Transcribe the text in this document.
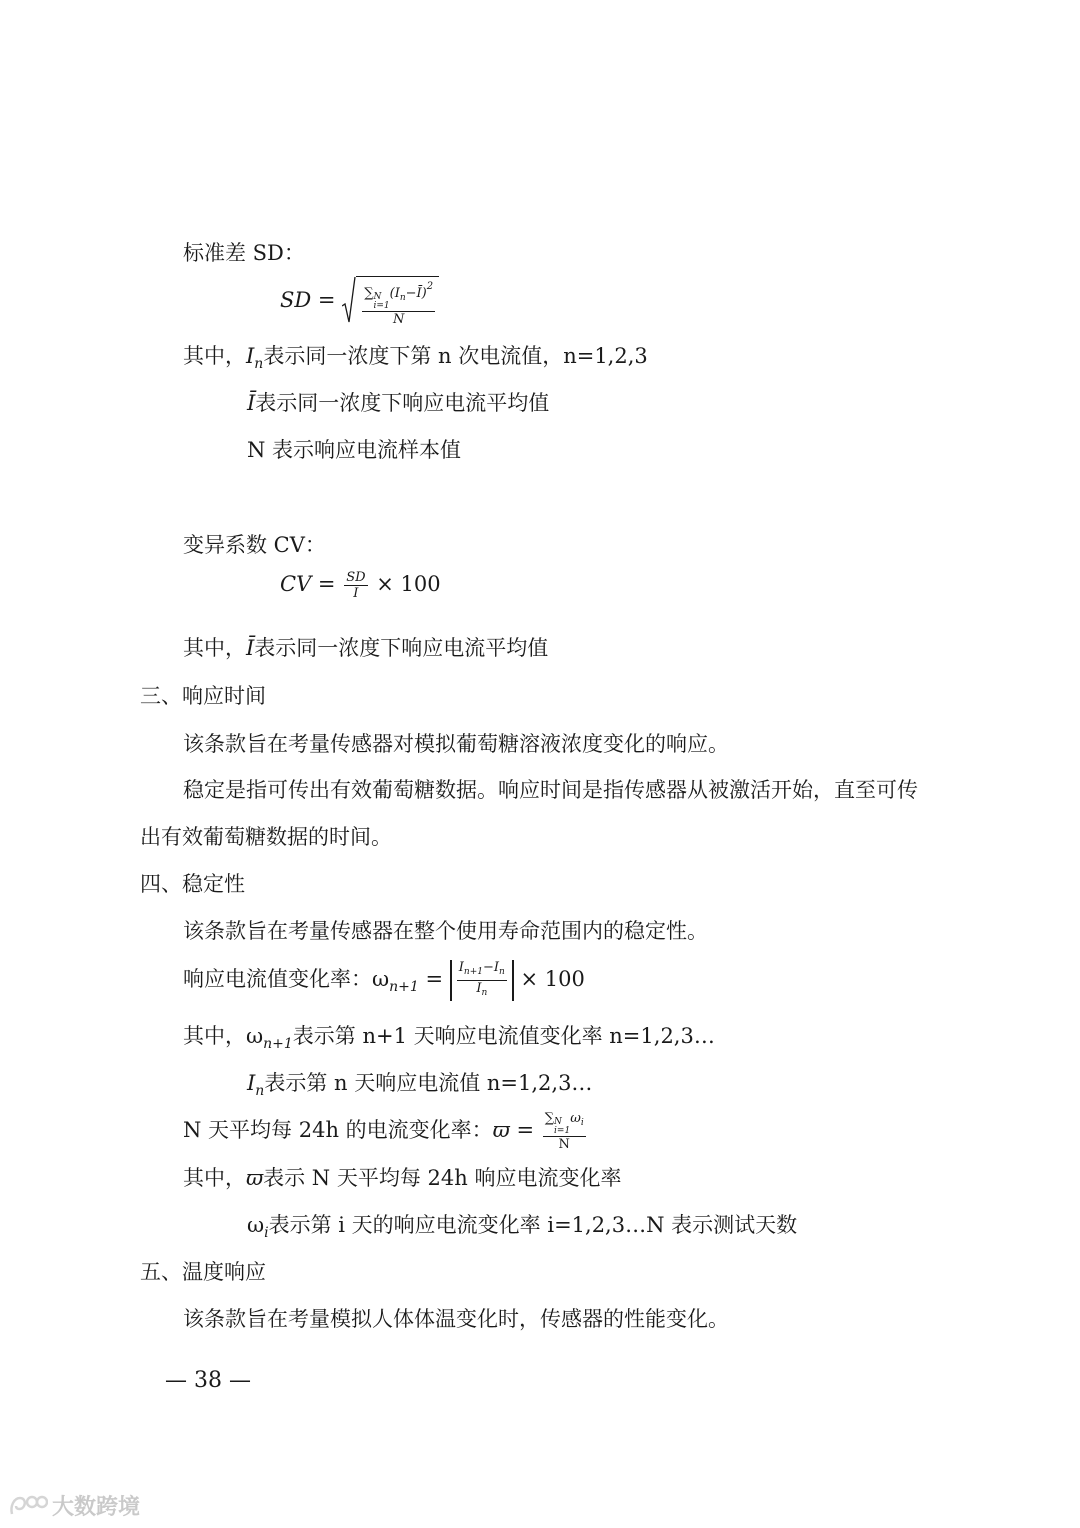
标准差 SD：
SD = ∑ N
i=1
$(I_n-Ī)^2$
N
其中，$I_n$表示同一浓度下第 n 次电流值，n=1,2,3
Ī表示同一浓度下响应电流平均值
N 表示响应电流样本值
变异系数 CV：
CV = $\frac{SD}{Ī} \times 100$
其中，Ī表示同一浓度下响应电流平均值
三、响应时间
该条款旨在考量传感器对模拟葡萄糖溶液浓度变化的响应。
稳定是指可传出有效葡萄糖数据。响应时间是指传感器从被激活开始，直至可传
出有效葡萄糖数据的时间。
四、稳定性
该条款旨在考量传感器在整个使用寿命范围内的稳定性。
响应电流值变化率：$\omega_{n+1} = \frac{I_{n+1}-I_n}{I_n} \times 100$
其中，$\omega_{n+1}$表示第 n+1 天响应电流值变化率 n=1,2,3…
$I_n$表示第 n 天响应电流值 n=1,2,3…
N 天平均每 24h 的电流变化率：ϖ = ∑ N
i=1
$\omega_i$
N
其中，ϖ表示 N 天平均每 24h 响应电流变化率
$\omega_i$表示第 i 天的响应电流变化率 i=1,2,3…N 表示测试天数
五、温度响应
该条款旨在考量模拟人体体温变化时，传感器的性能变化。
— 38 —
大数跨境
